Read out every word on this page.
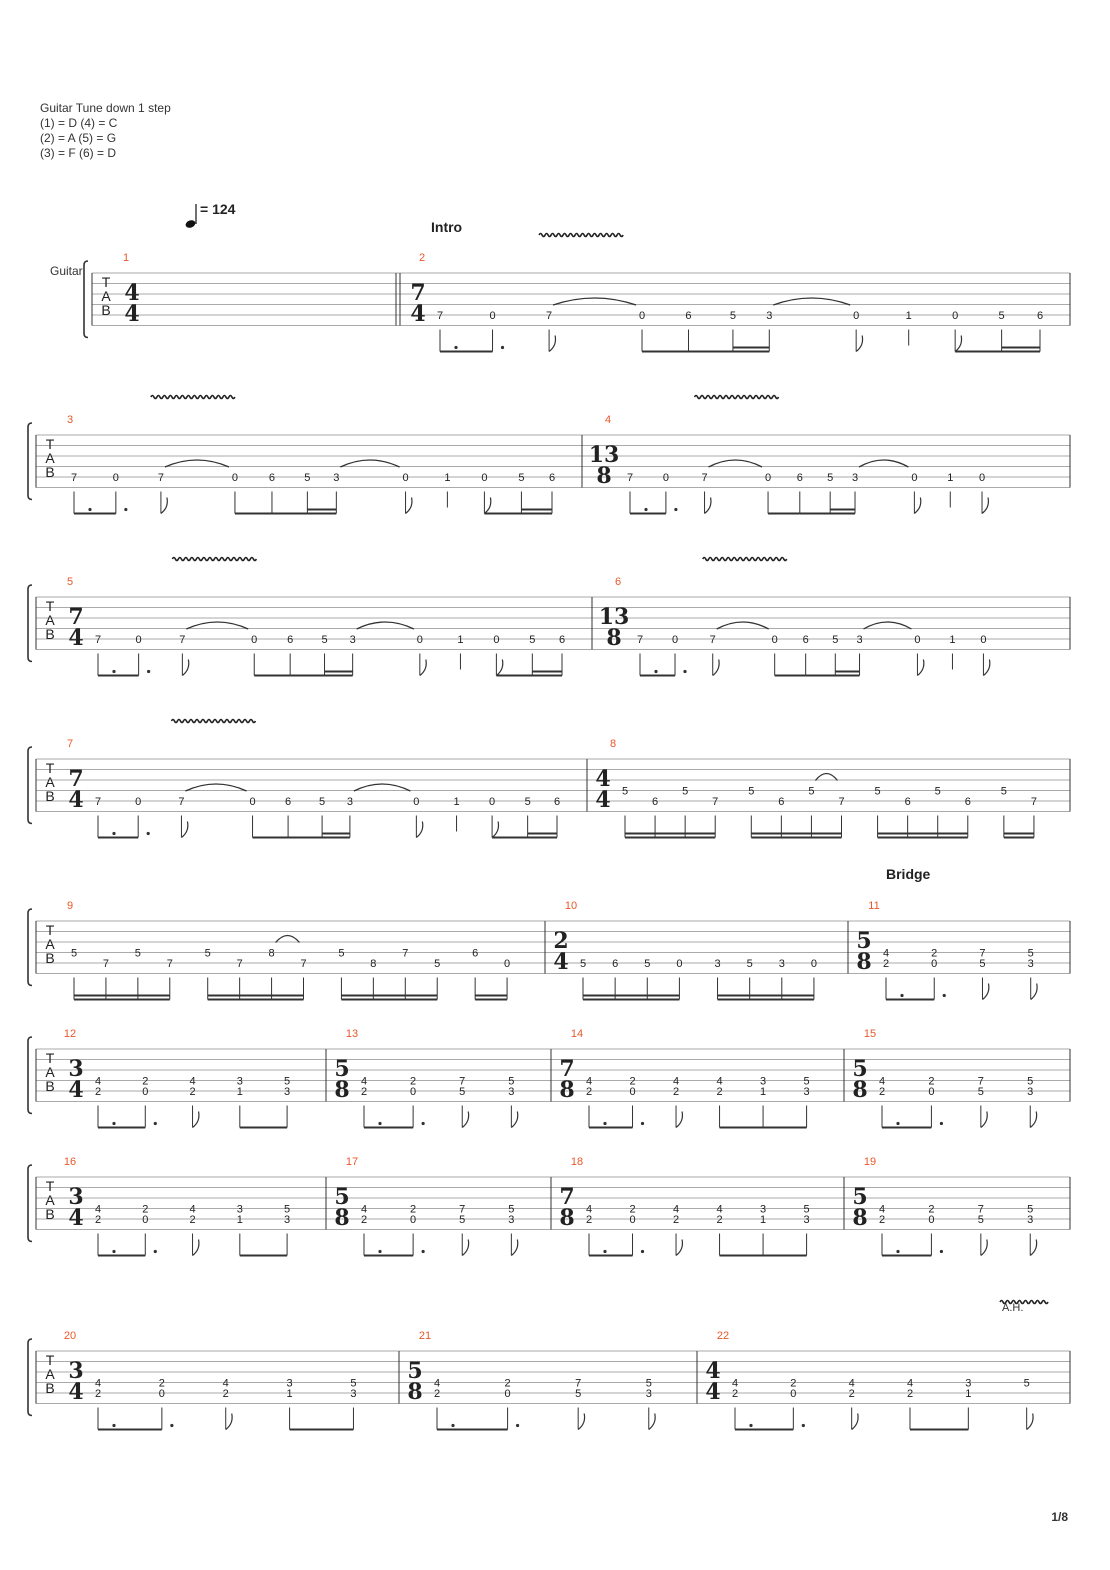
Guitar Tune down 1 step
(1) = D (4) = C
(2) = A (5) = G
(3) = F (6) = D
= 124
Intro
Bridge
Guitar
A.H.
T
A
B
1
4
4
2
7
4 7	0	7	0	6	5	3	0	1	0	5	6
T
A
B
3
7	0	7	0	6	5 3	0	1	0	5 6
4
13
8 7	0	7	0 6 5 3	0	1 0
T
A
B
5
7
4 7	0	7	0	6	5 3	0	1	0	5 6
6
13
8 7	0	7	0 6 5 3	0	1 0
T
A
B
7
7
4 7	0	7	0	6	5 3	0	1	0	5 6
8
4
4 5
6
5
7
5
6
5
7
5
6
5
6
5
7
T
A
B
9
5
7
5
7
5
7
8
7
5
8
7
5
6
0
10
2
4 5 6 5 0	3 5 3 0
11
5
8 4
2
2
0
7
5
5
3
T
A
B
12
3
4 4
2
2
0
4
2
3
1
5
3
13
5
8 4
2
2
0
7
5
5
3
14
7
8 4
2
2
0
4
2
4
2
3
1
5
3
15
5
8 4
2
2
0
7
5
5
3
T
A
B
16
3
4 4
2
2
0
4
2
3
1
5
3
17
5
8 4
2
2
0
7
5
5
3
18
7
8 4
2
2
0
4
2
4
2
3
1
5
3
19
5
8 4
2
2
0
7
5
5
3
T
A
B
20
3
4 4
2
2
0
4
2
3
1
5
3
21
5
8 4
2
2
0
7
5
5
3
22
4
4 4
2
2
0
4
2
4
2
3
1
5
1/8
